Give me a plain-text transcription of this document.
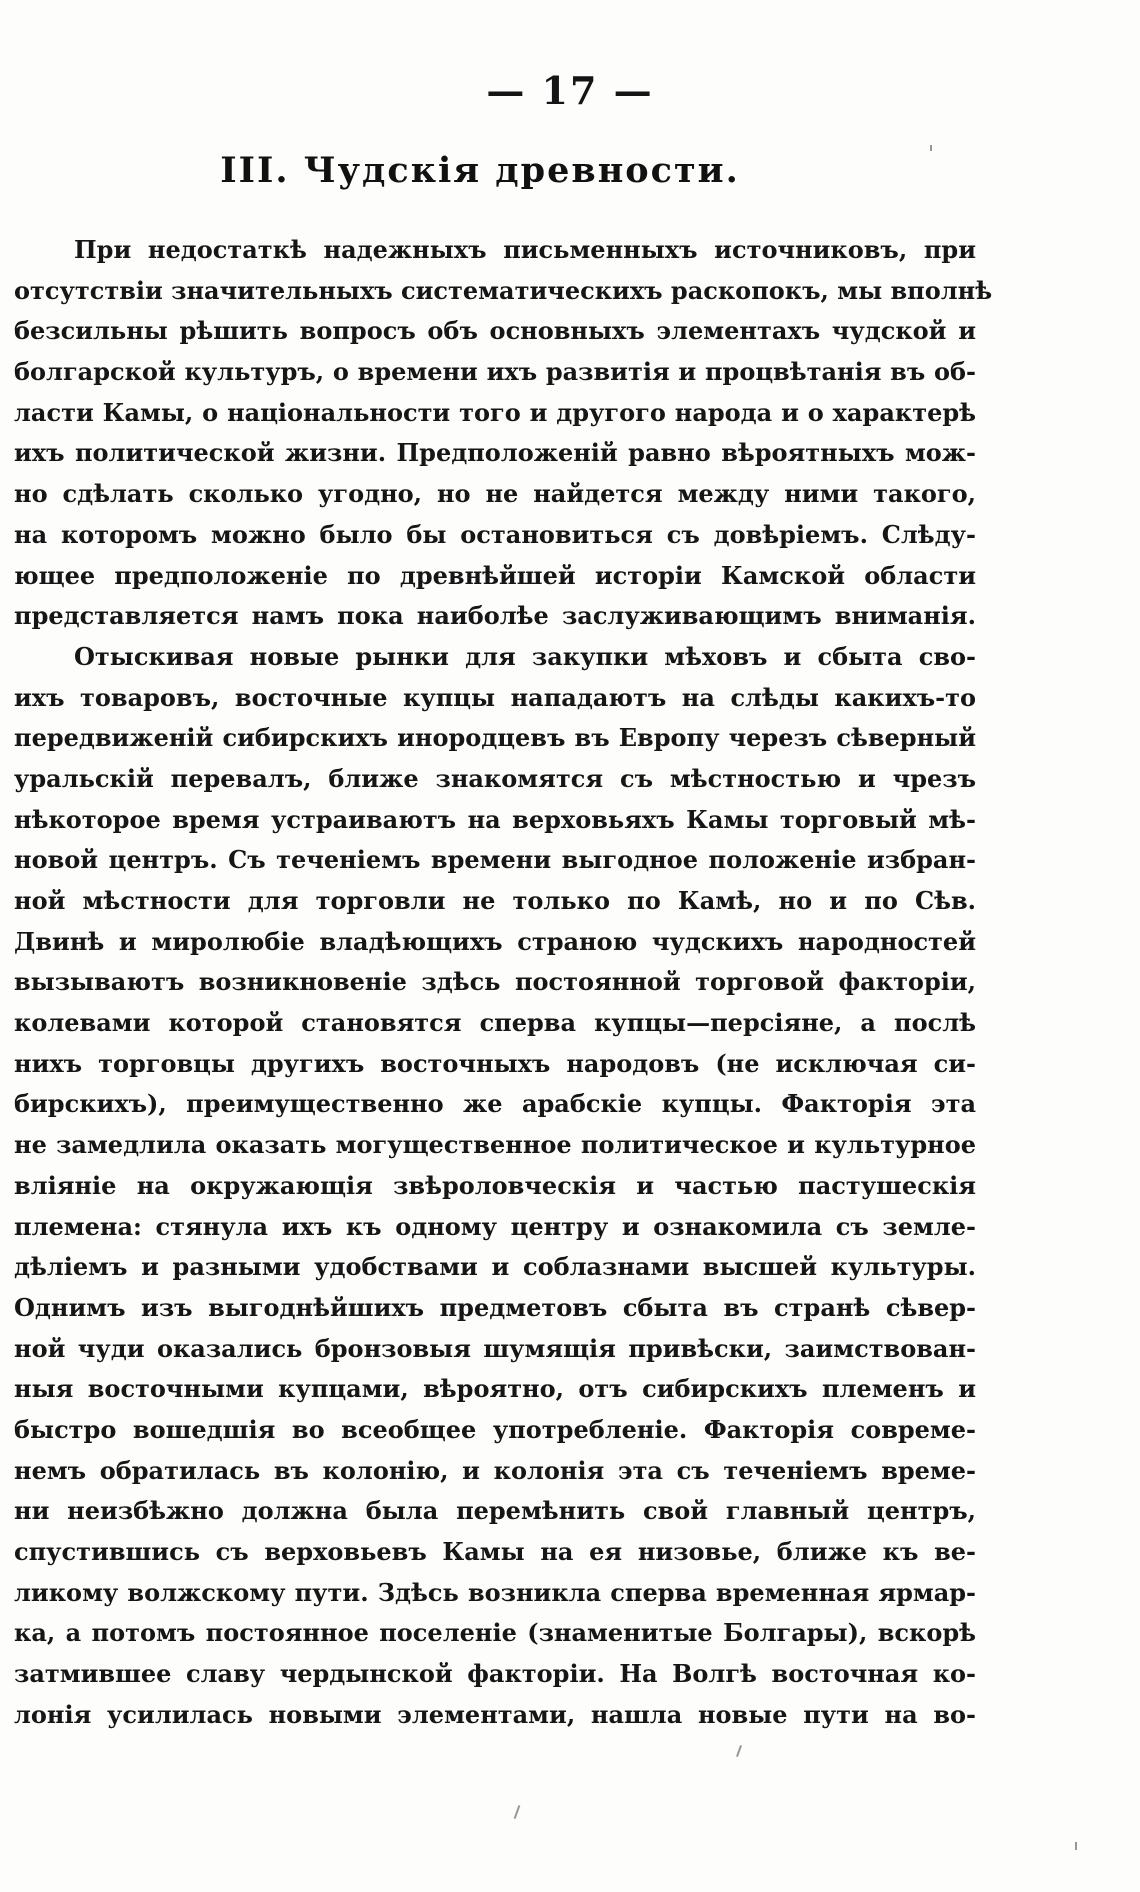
— 17 —
III. Чудскія древности.
При недостаткѣ надежныхъ письменныхъ источниковъ, при
отсутствіи значительныхъ систематическихъ раскопокъ, мы вполнѣ
безсильны рѣшить вопросъ объ основныхъ элементахъ чудской и
болгарской культуръ, о времени ихъ развитія и процвѣтанія въ об-
ласти Камы, о національности того и другого народа и о характерѣ
ихъ политической жизни. Предположеній равно вѣроятныхъ мож-
но сдѣлать сколько угодно, но не найдется между ними такого,
на которомъ можно было бы остановиться съ довѣріемъ. Слѣду-
ющее предположеніе по древнѣйшей исторіи Камской области
представляется намъ пока наиболѣе заслуживающимъ вниманія.
Отыскивая новые рынки для закупки мѣховъ и сбыта сво-
ихъ товаровъ, восточные купцы нападаютъ на слѣды какихъ-то
передвиженій сибирскихъ инородцевъ въ Европу черезъ сѣверный
уральскій перевалъ, ближе знакомятся съ мѣстностью и чрезъ
нѣкоторое время устраиваютъ на верховьяхъ Камы торговый мѣ-
новой центръ. Съ теченіемъ времени выгодное положеніе избран-
ной мѣстности для торговли не только по Камѣ, но и по Сѣв.
Двинѣ и миролюбіе владѣющихъ страною чудскихъ народностей
вызываютъ возникновеніе здѣсь постоянной торговой факторіи,
колевами которой становятся сперва купцы—персіяне, а послѣ
нихъ торговцы другихъ восточныхъ народовъ (не исключая си-
бирскихъ), преимущественно же арабскіе купцы. Факторія эта
не замедлила оказать могущественное политическое и культурное
вліяніе на окружающія звѣроловческія и частью пастушескія
племена: стянула ихъ къ одному центру и ознакомила съ земле-
дѣліемъ и разными удобствами и соблазнами высшей культуры.
Однимъ изъ выгоднѣйшихъ предметовъ сбыта въ странѣ сѣвер-
ной чуди оказались бронзовыя шумящія привѣски, заимствован-
ныя восточными купцами, вѣроятно, отъ сибирскихъ племенъ и
быстро вошедшія во всеобщее употребленіе. Факторія совреме-
немъ обратилась въ колонію, и колонія эта съ теченіемъ време-
ни неизбѣжно должна была перемѣнить свой главный центръ,
спустившись съ верховьевъ Камы на ея низовье, ближе къ ве-
ликому волжскому пути. Здѣсь возникла сперва временная ярмар-
ка, а потомъ постоянное поселеніе (знаменитые Болгары), вскорѣ
затмившее славу чердынской факторіи. На Волгѣ восточная ко-
лонія усилилась новыми элементами, нашла новые пути на во-
